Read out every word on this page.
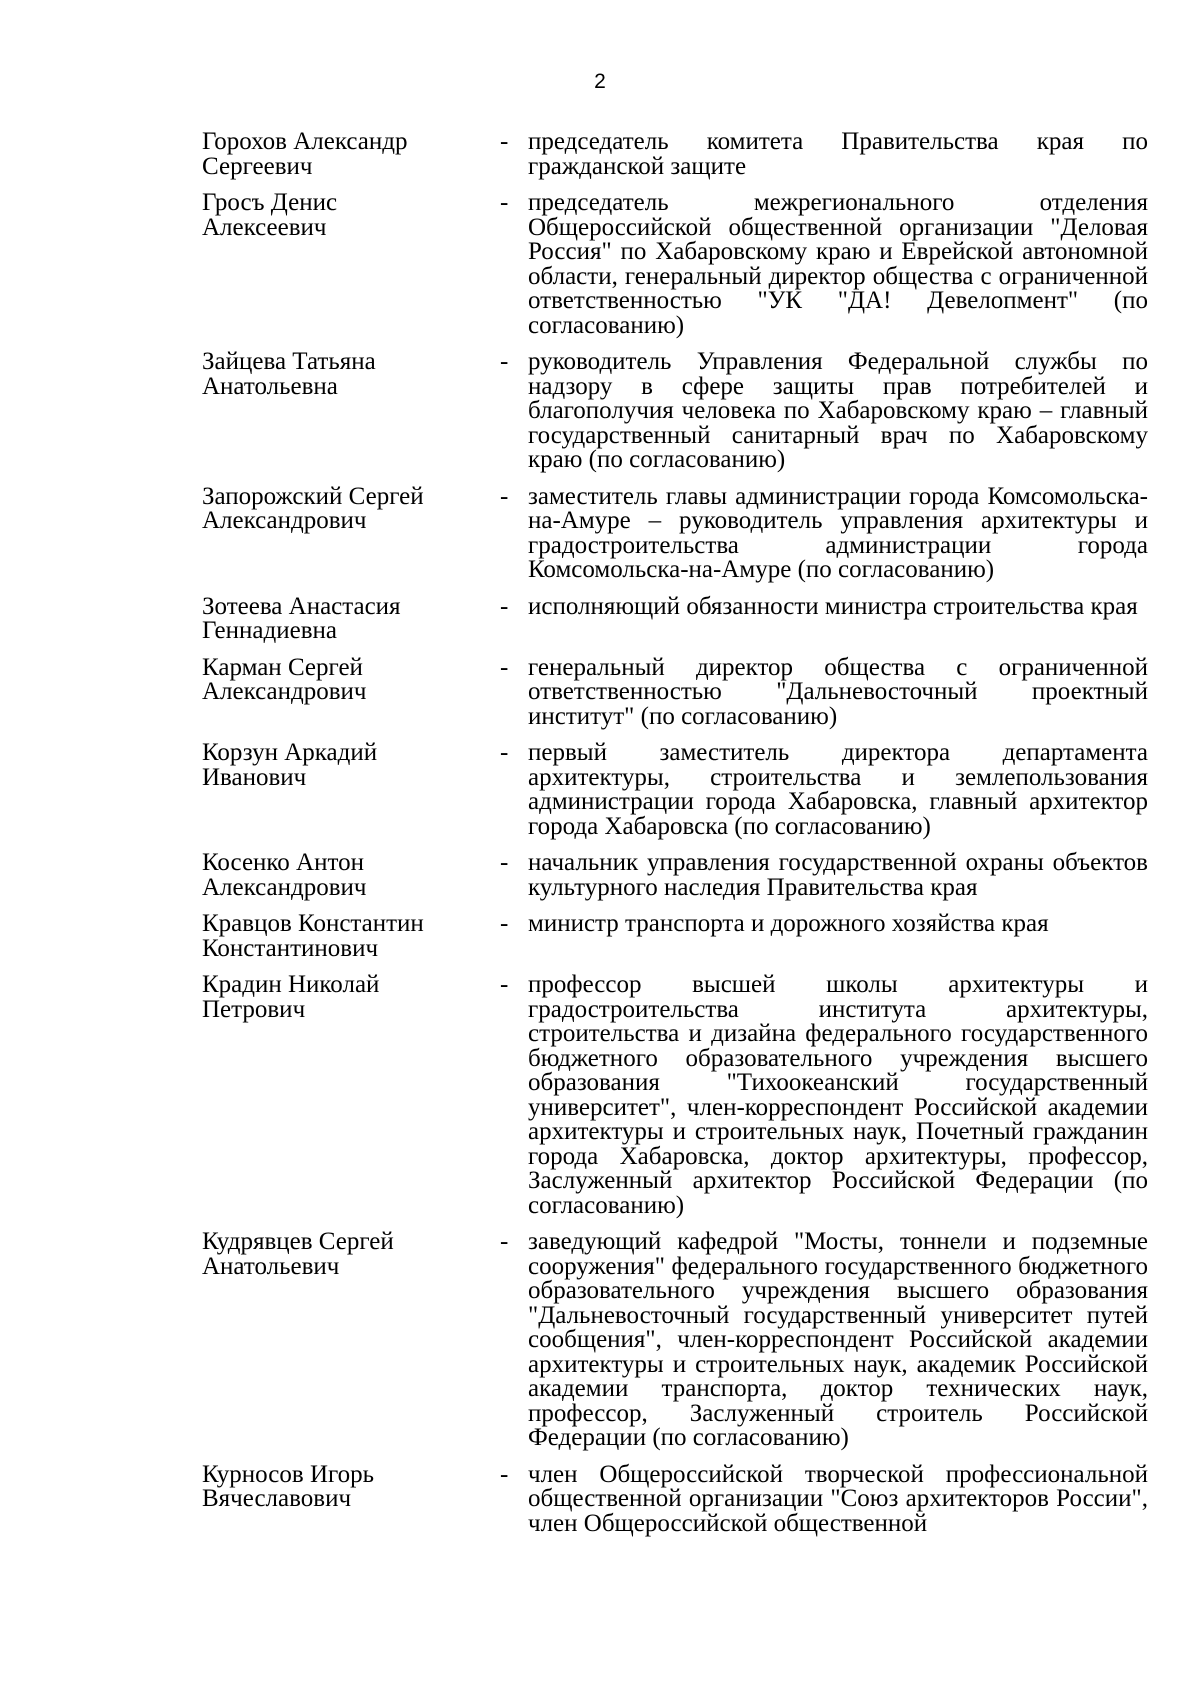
2
Горохов Александр
Сергеевич
- председатель комитета Правительства края по гражданской защите
Гросъ Денис
Алексеевич
- председатель межрегионального отделения Общероссийской общественной организации "Деловая Россия" по Хабаровскому краю и Еврейской автономной области, генеральный директор общества с ограниченной ответственностью "УК "ДА! Девелопмент" (по согласованию)
Зайцева Татьяна
Анатольевна
- руководитель Управления Федеральной службы по надзору в сфере защиты прав потребителей и благополучия человека по Хабаровскому краю – главный государственный санитарный врач по Хабаровскому краю (по согласованию)
Запорожский Сергей
Александрович
- заместитель главы администрации города Комсомольска-на-Амуре – руководитель управления архитектуры и градостроительства администрации города Комсомольска-на-Амуре (по согласованию)
Зотеева Анастасия
Геннадиевна
- исполняющий обязанности министра строительства края
Карман Сергей
Александрович
- генеральный директор общества с ограниченной ответственностью "Дальневосточный проектный институт" (по согласованию)
Корзун Аркадий
Иванович
- первый заместитель директора департамента архитектуры, строительства и землепользования администрации города Хабаровска, главный архитектор города Хабаровска (по согласованию)
Косенко Антон
Александрович
- начальник управления государственной охраны объектов культурного наследия Правительства края
Кравцов Константин
Константинович
- министр транспорта и дорожного хозяйства края
Крадин Николай
Петрович
- профессор высшей школы архитектуры и градостроительства института архитектуры, строительства и дизайна федерального государственного бюджетного образовательного учреждения высшего образования "Тихоокеанский государственный университет", член-корреспондент Российской академии архитектуры и строительных наук, Почетный гражданин города Хабаровска, доктор архитектуры, профессор, Заслуженный архитектор Российской Федерации (по согласованию)
Кудрявцев Сергей
Анатольевич
- заведующий кафедрой "Мосты, тоннели и подземные сооружения" федерального государственного бюджетного образовательного учреждения высшего образования "Дальневосточный государственный университет путей сообщения", член-корреспондент Российской академии архитектуры и строительных наук, академик Российской академии транспорта, доктор технических наук, профессор, Заслуженный строитель Российской Федерации (по согласованию)
Курносов Игорь
Вячеславович
- член Общероссийской творческой профессиональной общественной организации "Союз архитекторов России", член Общероссийской общественной
